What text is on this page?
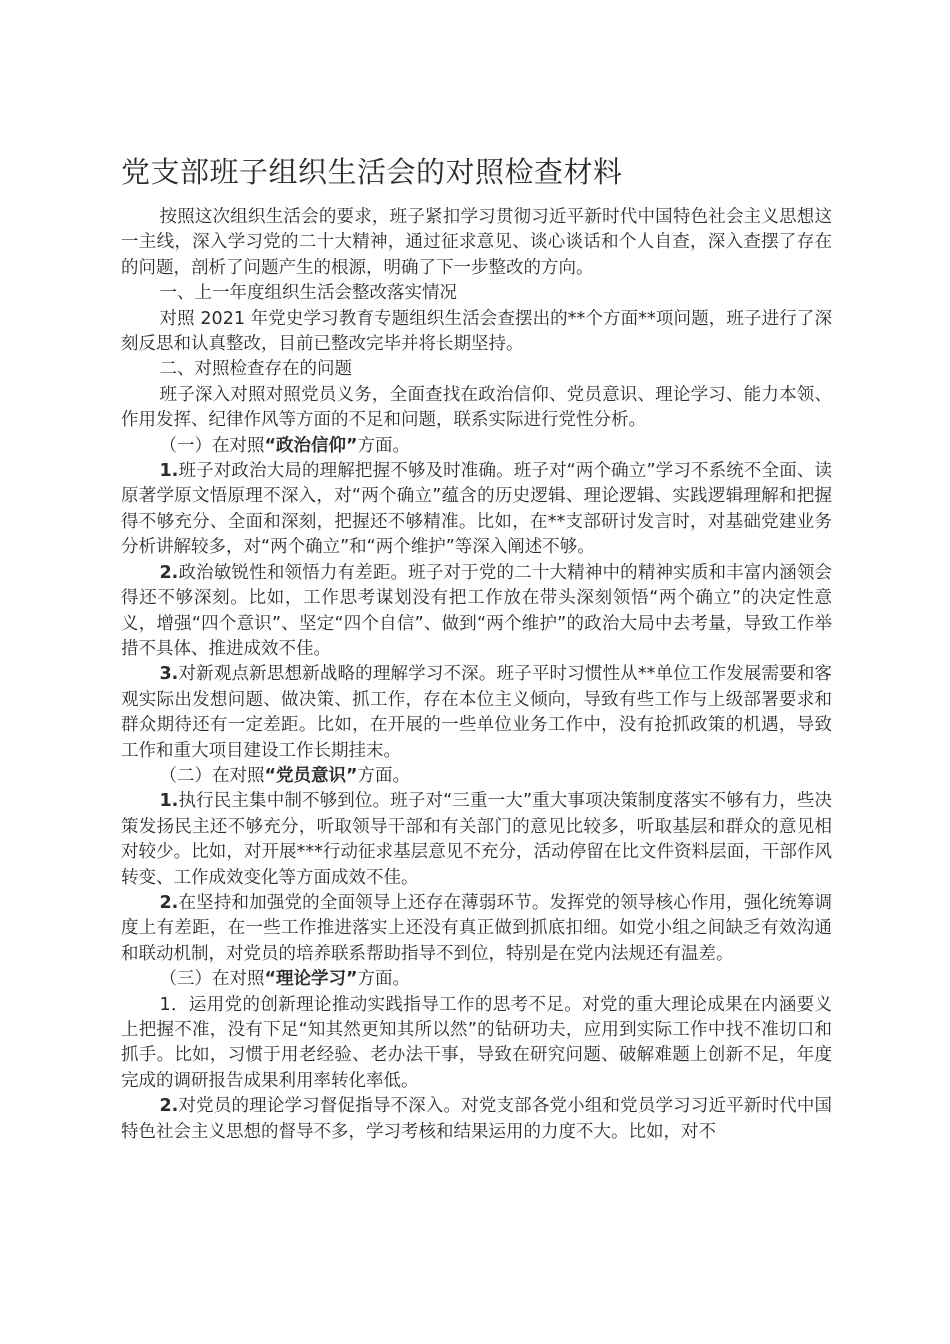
党支部班子组织生活会的对照检查材料

按照这次组织生活会的要求，班子紧扣学习贯彻习近平新时代中国特色社会主义思想这一主线，深入学习党的二十大精神，通过征求意见、谈心谈话和个人自查，深入查摆了存在的问题，剖析了问题产生的根源，明确了下一步整改的方向。

一、上一年度组织生活会整改落实情况

对照 2021 年党史学习教育专题组织生活会查摆出的**个方面**项问题，班子进行了深刻反思和认真整改，目前已整改完毕并将长期坚持。

二、对照检查存在的问题

班子深入对照对照党员义务，全面查找在政治信仰、党员意识、理论学习、能力本领、作用发挥、纪律作风等方面的不足和问题，联系实际进行党性分析。

（一）在对照“政治信仰”方面。

1.班子对政治大局的理解把握不够及时准确。班子对“两个确立”学习不系统不全面、读原著学原文悟原理不深入，对“两个确立”蕴含的历史逻辑、理论逻辑、实践逻辑理解和把握得不够充分、全面和深刻，把握还不够精准。比如，在**支部研讨发言时，对基础党建业务分析讲解较多，对“两个确立”和“两个维护”等深入阐述不够。

2.政治敏锐性和领悟力有差距。班子对于党的二十大精神中的精神实质和丰富内涵领会得还不够深刻。比如，工作思考谋划没有把工作放在带头深刻领悟“两个确立”的决定性意义，增强“四个意识”、坚定“四个自信”、做到“两个维护”的政治大局中去考量，导致工作举措不具体、推进成效不佳。

3.对新观点新思想新战略的理解学习不深。班子平时习惯性从**单位工作发展需要和客观实际出发想问题、做决策、抓工作，存在本位主义倾向，导致有些工作与上级部署要求和群众期待还有一定差距。比如，在开展的一些单位业务工作中，没有抢抓政策的机遇，导致工作和重大项目建设工作长期挂末。

（二）在对照“党员意识”方面。

1.执行民主集中制不够到位。班子对“三重一大”重大事项决策制度落实不够有力，些决策发扬民主还不够充分，听取领导干部和有关部门的意见比较多，听取基层和群众的意见相对较少。比如，对开展***行动征求基层意见不充分，活动停留在比文件资料层面，干部作风转变、工作成效变化等方面成效不佳。

2.在坚持和加强党的全面领导上还存在薄弱环节。发挥党的领导核心作用，强化统筹调度上有差距，在一些工作推进落实上还没有真正做到抓底扣细。如党小组之间缺乏有效沟通和联动机制，对党员的培养联系帮助指导不到位，特别是在党内法规还有温差。

（三）在对照“理论学习”方面。

1．运用党的创新理论推动实践指导工作的思考不足。对党的重大理论成果在内涵要义上把握不准，没有下足“知其然更知其所以然”的钻研功夫，应用到实际工作中找不准切口和抓手。比如，习惯于用老经验、老办法干事，导致在研究问题、破解难题上创新不足，年度完成的调研报告成果利用率转化率低。

2.对党员的理论学习督促指导不深入。对党支部各党小组和党员学习习近平新时代中国特色社会主义思想的督导不多，学习考核和结果运用的力度不大。比如，对不
